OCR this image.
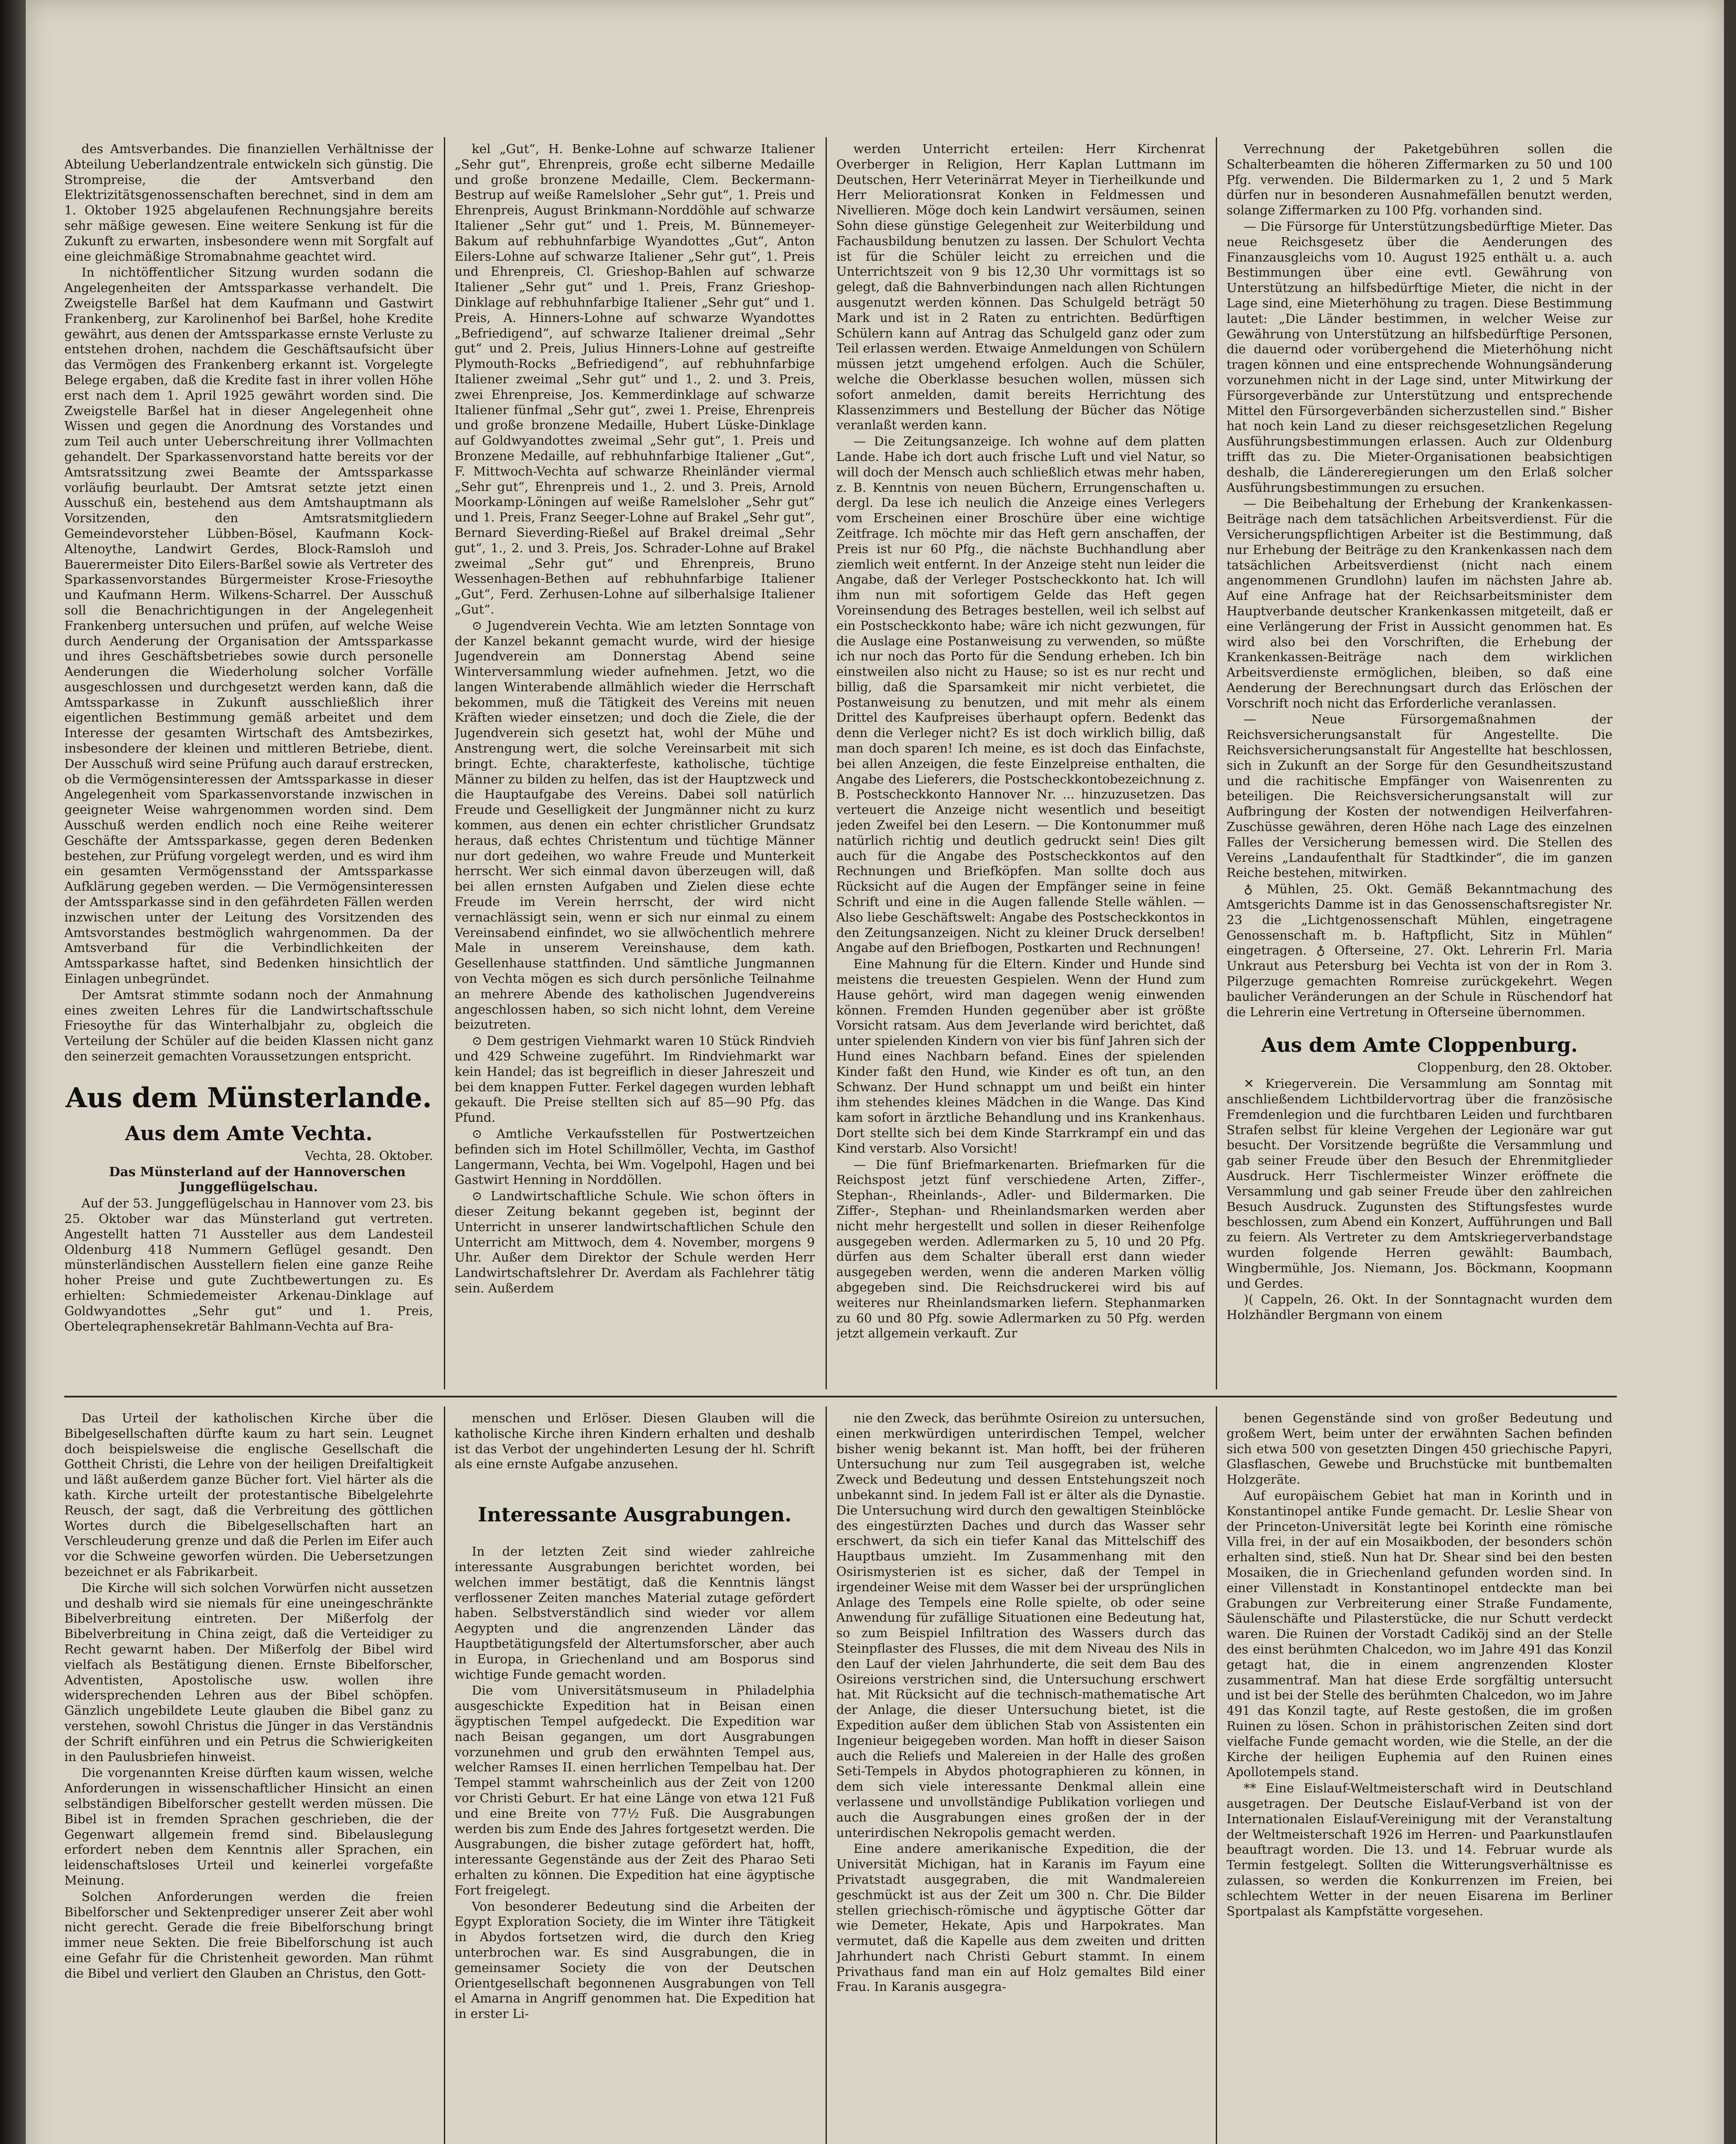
des Amtsverbandes. Die finanziellen Verhältnisse der Abteilung Ueberlandzentrale entwickeln sich günstig. Die Strompreise, die der Amtsverband den Elektrizitätsgenossenschaften berechnet, sind in dem am 1. Oktober 1925 abgelaufenen Rechnungsjahre bereits sehr mäßige gewesen. Eine weitere Senkung ist für die Zukunft zu erwarten, insbesondere wenn mit Sorgfalt auf eine gleichmäßige Stromabnahme geachtet wird.

In nichtöffentlicher Sitzung wurden sodann die Angelegenheiten der Amtssparkasse verhandelt. Die Zweigstelle Barßel hat dem Kaufmann und Gastwirt Frankenberg, zur Karolinenhof bei Barßel, hohe Kredite gewährt, aus denen der Amtssparkasse ernste Verluste zu entstehen drohen, nachdem die Geschäftsaufsicht über das Vermögen des Frankenberg erkannt ist. Vorgelegte Belege ergaben, daß die Kredite fast in ihrer vollen Höhe erst nach dem 1. April 1925 gewährt worden sind. Die Zweigstelle Barßel hat in dieser Angelegenheit ohne Wissen und gegen die Anordnung des Vorstandes und zum Teil auch unter Ueberschreitung ihrer Vollmachten gehandelt. Der Sparkassenvorstand hatte bereits vor der Amtsratssitzung zwei Beamte der Amtssparkasse vorläufig beurlaubt. Der Amtsrat setzte jetzt einen Ausschuß ein, bestehend aus dem Amtshauptmann als Vorsitzenden, den Amtsratsmitgliedern Gemeindevorsteher Lübben-Bösel, Kaufmann Kock-Altenoythe, Landwirt Gerdes, Block-Ramsloh und Bauerermeister Dito Eilers-Barßel sowie als Vertreter des Sparkassenvorstandes Bürgermeister Krose-Friesoythe und Kaufmann Herm. Wilkens-Scharrel. Der Ausschuß soll die Benachrichtigungen in der Angelegenheit Frankenberg untersuchen und prüfen, auf welche Weise durch Aenderung der Organisation der Amtssparkasse und ihres Geschäftsbetriebes sowie durch personelle Aenderungen die Wiederholung solcher Vorfälle ausgeschlossen und durchgesetzt werden kann, daß die Amtssparkasse in Zukunft ausschließlich ihrer eigentlichen Bestimmung gemäß arbeitet und dem Interesse der gesamten Wirtschaft des Amtsbezirkes, insbesondere der kleinen und mittleren Betriebe, dient. Der Ausschuß wird seine Prüfung auch darauf erstrecken, ob die Vermögensinteressen der Amtssparkasse in dieser Angelegenheit vom Sparkassenvorstande inzwischen in geeigneter Weise wahrgenommen worden sind. Dem Ausschuß werden endlich noch eine Reihe weiterer Geschäfte der Amtssparkasse, gegen deren Bedenken bestehen, zur Prüfung vorgelegt werden, und es wird ihm ein gesamten Vermögensstand der Amtssparkasse Aufklärung gegeben werden. — Die Vermögensinteressen der Amtssparkasse sind in den gefährdeten Fällen werden inzwischen unter der Leitung des Vorsitzenden des Amtsvorstandes bestmöglich wahrgenommen. Da der Amtsverband für die Verbindlichkeiten der Amtssparkasse haftet, sind Bedenken hinsichtlich der Einlagen unbegründet.

Der Amtsrat stimmte sodann noch der Anmahnung eines zweiten Lehres für die Landwirtschaftsschule Friesoythe für das Winterhalbjahr zu, obgleich die Verteilung der Schüler auf die beiden Klassen nicht ganz den seinerzeit gemachten Voraussetzungen entspricht.

Aus dem Münsterlande.
Aus dem Amte Vechta.

Vechta, 28. Oktober.

Das Münsterland auf der Hannoverschen Junggeflügelschau.

Auf der 53. Junggeflügelschau in Hannover vom 23. bis 25. Oktober war das Münsterland gut vertreten. Angestellt hatten 71 Aussteller aus dem Landesteil Oldenburg 418 Nummern Geflügel gesandt. Den münsterländischen Ausstellern fielen eine ganze Reihe hoher Preise und gute Zuchtbewertungen zu. Es erhielten: Schmiedemeister Arkenau-Dinklage auf Goldwyandottes „Sehr gut“ und 1. Preis, Oberteleqraphensekretär Bahlmann-Vechta auf Bra-

kel „Gut“, H. Benke-Lohne auf schwarze Italiener „Sehr gut“, Ehrenpreis, große echt silberne Medaille und große bronzene Medaille, Clem. Beckermann-Bestrup auf weiße Ramelsloher „Sehr gut“, 1. Preis und Ehrenpreis, August Brinkmann-Norddöhle auf schwarze Italiener „Sehr gut“ und 1. Preis, M. Bünnemeyer-Bakum auf rebhuhnfarbige Wyandottes „Gut“, Anton Eilers-Lohne auf schwarze Italiener „Sehr gut“, 1. Preis und Ehrenpreis, Cl. Grieshop-Bahlen auf schwarze Italiener „Sehr gut“ und 1. Preis, Franz Grieshop-Dinklage auf rebhuhnfarbige Italiener „Sehr gut“ und 1. Preis, A. Hinners-Lohne auf schwarze Wyandottes „Befriedigend“, auf schwarze Italiener dreimal „Sehr gut“ und 2. Preis, Julius Hinners-Lohne auf gestreifte Plymouth-Rocks „Befriedigend“, auf rebhuhnfarbige Italiener zweimal „Sehr gut“ und 1., 2. und 3. Preis, zwei Ehrenpreise, Jos. Kemmerdinklage auf schwarze Italiener fünfmal „Sehr gut“, zwei 1. Preise, Ehrenpreis und große bronzene Medaille, Hubert Lüske-Dinklage auf Goldwyandottes zweimal „Sehr gut“, 1. Preis und Bronzene Medaille, auf rebhuhnfarbige Italiener „Gut“, F. Mittwoch-Vechta auf schwarze Rheinländer viermal „Sehr gut“, Ehrenpreis und 1., 2. und 3. Preis, Arnold Moorkamp-Löningen auf weiße Ramelsloher „Sehr gut“ und 1. Preis, Franz Seeger-Lohne auf Brakel „Sehr gut“, Bernard Sieverding-Rießel auf Brakel dreimal „Sehr gut“, 1., 2. und 3. Preis, Jos. Schrader-Lohne auf Brakel zweimal „Sehr gut“ und Ehrenpreis, Bruno Wessenhagen-Bethen auf rebhuhnfarbige Italiener „Gut“, Ferd. Zerhusen-Lohne auf silberhalsige Italiener „Gut“.

⊙ Jugendverein Vechta. Wie am letzten Sonntage von der Kanzel bekannt gemacht wurde, wird der hiesige Jugendverein am Donnerstag Abend seine Winterversammlung wieder aufnehmen. Jetzt, wo die langen Winterabende allmählich wieder die Herrschaft bekommen, muß die Tätigkeit des Vereins mit neuen Kräften wieder einsetzen; und doch die Ziele, die der Jugendverein sich gesetzt hat, wohl der Mühe und Anstrengung wert, die solche Vereinsarbeit mit sich bringt. Echte, charakterfeste, katholische, tüchtige Männer zu bilden zu helfen, das ist der Hauptzweck und die Hauptaufgabe des Vereins. Dabei soll natürlich Freude und Geselligkeit der Jungmänner nicht zu kurz kommen, aus denen ein echter christlicher Grundsatz heraus, daß echtes Christentum und tüchtige Männer nur dort gedeihen, wo wahre Freude und Munterkeit herrscht. Wer sich einmal davon überzeugen will, daß bei allen ernsten Aufgaben und Zielen diese echte Freude im Verein herrscht, der wird nicht vernachlässigt sein, wenn er sich nur einmal zu einem Vereinsabend einfindet, wo sie allwöchentlich mehrere Male in unserem Vereinshause, dem kath. Gesellenhause stattfinden. Und sämtliche Jungmannen von Vechta mögen es sich durch persönliche Teilnahme an mehrere Abende des katholischen Jugendvereins angeschlossen haben, so sich nicht lohnt, dem Vereine beizutreten.

⊙ Dem gestrigen Viehmarkt waren 10 Stück Rindvieh und 429 Schweine zugeführt. Im Rindviehmarkt war kein Handel; das ist begreiflich in dieser Jahreszeit und bei dem knappen Futter. Ferkel dagegen wurden lebhaft gekauft. Die Preise stellten sich auf 85—90 Pfg. das Pfund.

⊙ Amtliche Verkaufsstellen für Postwertzeichen befinden sich im Hotel Schillmöller, Vechta, im Gasthof Langermann, Vechta, bei Wm. Vogelpohl, Hagen und bei Gastwirt Henning in Norddöllen.

⊙ Landwirtschaftliche Schule. Wie schon öfters in dieser Zeitung bekannt gegeben ist, beginnt der Unterricht in unserer landwirtschaftlichen Schule den Unterricht am Mittwoch, dem 4. November, morgens 9 Uhr. Außer dem Direktor der Schule werden Herr Landwirtschaftslehrer Dr. Averdam als Fachlehrer tätig sein. Außerdem

werden Unterricht erteilen: Herr Kirchenrat Overberger in Religion, Herr Kaplan Luttmann im Deutschen, Herr Veterinärrat Meyer in Tierheilkunde und Herr Meliorationsrat Konken in Feldmessen und Nivellieren. Möge doch kein Landwirt versäumen, seinen Sohn diese günstige Gelegenheit zur Weiterbildung und Fachausbildung benutzen zu lassen. Der Schulort Vechta ist für die Schüler leicht zu erreichen und die Unterrichtszeit von 9 bis 12,30 Uhr vormittags ist so gelegt, daß die Bahnverbindungen nach allen Richtungen ausgenutzt werden können. Das Schulgeld beträgt 50 Mark und ist in 2 Raten zu entrichten. Bedürftigen Schülern kann auf Antrag das Schulgeld ganz oder zum Teil erlassen werden. Etwaige Anmeldungen von Schülern müssen jetzt umgehend erfolgen. Auch die Schüler, welche die Oberklasse besuchen wollen, müssen sich sofort anmelden, damit bereits Herrichtung des Klassenzimmers und Bestellung der Bücher das Nötige veranlaßt werden kann.

— Die Zeitungsanzeige. Ich wohne auf dem platten Lande. Habe ich dort auch frische Luft und viel Natur, so will doch der Mensch auch schließlich etwas mehr haben, z. B. Kenntnis von neuen Büchern, Errungenschaften u. dergl. Da lese ich neulich die Anzeige eines Verlegers vom Erscheinen einer Broschüre über eine wichtige Zeitfrage. Ich möchte mir das Heft gern anschaffen, der Preis ist nur 60 Pfg., die nächste Buchhandlung aber ziemlich weit entfernt. In der Anzeige steht nun leider die Angabe, daß der Verleger Postscheckkonto hat. Ich will ihm nun mit sofortigem Gelde das Heft gegen Voreinsendung des Betrages bestellen, weil ich selbst auf ein Postscheckkonto habe; wäre ich nicht gezwungen, für die Auslage eine Postanweisung zu verwenden, so müßte ich nur noch das Porto für die Sendung erheben. Ich bin einstweilen also nicht zu Hause; so ist es nur recht und billig, daß die Sparsamkeit mir nicht verbietet, die Postanweisung zu benutzen, und mit mehr als einem Drittel des Kaufpreises überhaupt opfern. Bedenkt das denn die Verleger nicht? Es ist doch wirklich billig, daß man doch sparen! Ich meine, es ist doch das Einfachste, bei allen Anzeigen, die feste Einzelpreise enthalten, die Angabe des Lieferers, die Postscheckkontobezeichnung z. B. Postscheckkonto Hannover Nr. ... hinzuzusetzen. Das verteuert die Anzeige nicht wesentlich und beseitigt jeden Zweifel bei den Lesern. — Die Kontonummer muß natürlich richtig und deutlich gedruckt sein! Dies gilt auch für die Angabe des Postscheckkontos auf den Rechnungen und Briefköpfen. Man sollte doch aus Rücksicht auf die Augen der Empfänger seine in feine Schrift und eine in die Augen fallende Stelle wählen. — Also liebe Geschäftswelt: Angabe des Postscheckkontos in den Zeitungsanzeigen. Nicht zu kleiner Druck derselben! Angabe auf den Briefbogen, Postkarten und Rechnungen!

Eine Mahnung für die Eltern. Kinder und Hunde sind meistens die treuesten Gespielen. Wenn der Hund zum Hause gehört, wird man dagegen wenig einwenden können. Fremden Hunden gegenüber aber ist größte Vorsicht ratsam. Aus dem Jeverlande wird berichtet, daß unter spielenden Kindern von vier bis fünf Jahren sich der Hund eines Nachbarn befand. Eines der spielenden Kinder faßt den Hund, wie Kinder es oft tun, an den Schwanz. Der Hund schnappt um und beißt ein hinter ihm stehendes kleines Mädchen in die Wange. Das Kind kam sofort in ärztliche Behandlung und ins Krankenhaus. Dort stellte sich bei dem Kinde Starrkrampf ein und das Kind verstarb. Also Vorsicht!

— Die fünf Briefmarkenarten. Briefmarken für die Reichspost jetzt fünf verschiedene Arten, Ziffer-, Stephan-, Rheinlands-, Adler- und Bildermarken. Die Ziffer-, Stephan- und Rheinlandsmarken werden aber nicht mehr hergestellt und sollen in dieser Reihenfolge ausgegeben werden. Adlermarken zu 5, 10 und 20 Pfg. dürfen aus dem Schalter überall erst dann wieder ausgegeben werden, wenn die anderen Marken völlig abgegeben sind. Die Reichsdruckerei wird bis auf weiteres nur Rheinlandsmarken liefern. Stephanmarken zu 60 und 80 Pfg. sowie Adlermarken zu 50 Pfg. werden jetzt allgemein verkauft. Zur

Verrechnung der Paketgebühren sollen die Schalterbeamten die höheren Ziffermarken zu 50 und 100 Pfg. verwenden. Die Bildermarken zu 1, 2 und 5 Mark dürfen nur in besonderen Ausnahmefällen benutzt werden, solange Ziffermarken zu 100 Pfg. vorhanden sind.

— Die Fürsorge für Unterstützungsbedürftige Mieter. Das neue Reichsgesetz über die Aenderungen des Finanzausgleichs vom 10. August 1925 enthält u. a. auch Bestimmungen über eine evtl. Gewährung von Unterstützung an hilfsbedürftige Mieter, die nicht in der Lage sind, eine Mieterhöhung zu tragen. Diese Bestimmung lautet: „Die Länder bestimmen, in welcher Weise zur Gewährung von Unterstützung an hilfsbedürftige Personen, die dauernd oder vorübergehend die Mieterhöhung nicht tragen können und eine entsprechende Wohnungsänderung vorzunehmen nicht in der Lage sind, unter Mitwirkung der Fürsorgeverbände zur Unterstützung und entsprechende Mittel den Fürsorgeverbänden sicherzustellen sind.“ Bisher hat noch kein Land zu dieser reichsgesetzlichen Regelung Ausführungsbestimmungen erlassen. Auch zur Oldenburg trifft das zu. Die Mieter-Organisationen beabsichtigen deshalb, die Ländereregierungen um den Erlaß solcher Ausführungsbestimmungen zu ersuchen.

— Die Beibehaltung der Erhebung der Krankenkassen-Beiträge nach dem tatsächlichen Arbeitsverdienst. Für die Versicherungspflichtigen Arbeiter ist die Bestimmung, daß nur Erhebung der Beiträge zu den Krankenkassen nach dem tatsächlichen Arbeitsverdienst (nicht nach einem angenommenen Grundlohn) laufen im nächsten Jahre ab. Auf eine Anfrage hat der Reichsarbeitsminister dem Hauptverbande deutscher Krankenkassen mitgeteilt, daß er eine Verlängerung der Frist in Aussicht genommen hat. Es wird also bei den Vorschriften, die Erhebung der Krankenkassen-Beiträge nach dem wirklichen Arbeitsverdienste ermöglichen, bleiben, so daß eine Aenderung der Berechnungsart durch das Erlöschen der Vorschrift noch nicht das Erforderliche veranlassen.

— Neue Fürsorgemaßnahmen der Reichsversicherungsanstalt für Angestellte. Die Reichsversicherungsanstalt für Angestellte hat beschlossen, sich in Zukunft an der Sorge für den Gesundheitszustand und die rachitische Empfänger von Waisenrenten zu beteiligen. Die Reichsversicherungsanstalt will zur Aufbringung der Kosten der notwendigen Heilverfahren-Zuschüsse gewähren, deren Höhe nach Lage des einzelnen Falles der Versicherung bemessen wird. Die Stellen des Vereins „Landaufenthalt für Stadtkinder“, die im ganzen Reiche bestehen, mitwirken.

♁ Mühlen, 25. Okt. Gemäß Bekanntmachung des Amtsgerichts Damme ist in das Genossenschaftsregister Nr. 23 die „Lichtgenossenschaft Mühlen, eingetragene Genossenschaft m. b. Haftpflicht, Sitz in Mühlen“ eingetragen. ♁ Ofterseine, 27. Okt. Lehrerin Frl. Maria Unkraut aus Petersburg bei Vechta ist von der in Rom 3. Pilgerzuge gemachten Romreise zurückgekehrt. Wegen baulicher Veränderungen an der Schule in Rüschendorf hat die Lehrerin eine Vertretung in Ofterseine übernommen.

Aus dem Amte Cloppenburg.

Cloppenburg, den 28. Oktober.

✕ Kriegerverein. Die Versammlung am Sonntag mit anschließendem Lichtbildervortrag über die französische Fremdenlegion und die furchtbaren Leiden und furchtbaren Strafen selbst für kleine Vergehen der Legionäre war gut besucht. Der Vorsitzende begrüßte die Versammlung und gab seiner Freude über den Besuch der Ehrenmitglieder Ausdruck. Herr Tischlermeister Winzer eröffnete die Versammlung und gab seiner Freude über den zahlreichen Besuch Ausdruck. Zugunsten des Stiftungsfestes wurde beschlossen, zum Abend ein Konzert, Aufführungen und Ball zu feiern. Als Vertreter zu dem Amtskriegerverbandstage wurden folgende Herren gewählt: Baumbach, Wingbermühle, Jos. Niemann, Jos. Böckmann, Koopmann und Gerdes.

)( Cappeln, 26. Okt. In der Sonntagnacht wurden dem Holzhändler Bergmann von einem

Das Urteil der katholischen Kirche über die Bibelgesellschaften dürfte kaum zu hart sein. Leugnet doch beispielsweise die englische Gesellschaft die Gottheit Christi, die Lehre von der heiligen Dreifaltigkeit und läßt außerdem ganze Bücher fort. Viel härter als die kath. Kirche urteilt der protestantische Bibelgelehrte Reusch, der sagt, daß die Verbreitung des göttlichen Wortes durch die Bibelgesellschaften hart an Verschleuderung grenze und daß die Perlen im Eifer auch vor die Schweine geworfen würden. Die Uebersetzungen bezeichnet er als Fabrikarbeit.

Die Kirche will sich solchen Vorwürfen nicht aussetzen und deshalb wird sie niemals für eine uneingeschränkte Bibelverbreitung eintreten. Der Mißerfolg der Bibelverbreitung in China zeigt, daß die Verteidiger zu Recht gewarnt haben. Der Mißerfolg der Bibel wird vielfach als Bestätigung dienen. Ernste Bibelforscher, Adventisten, Apostolische usw. wollen ihre widersprechenden Lehren aus der Bibel schöpfen. Gänzlich ungebildete Leute glauben die Bibel ganz zu verstehen, sowohl Christus die Jünger in das Verständnis der Schrift einführen und ein Petrus die Schwierigkeiten in den Paulusbriefen hinweist.

Die vorgenannten Kreise dürften kaum wissen, welche Anforderungen in wissenschaftlicher Hinsicht an einen selbständigen Bibelforscher gestellt werden müssen. Die Bibel ist in fremden Sprachen geschrieben, die der Gegenwart allgemein fremd sind. Bibelauslegung erfordert neben dem Kenntnis aller Sprachen, ein leidenschaftsloses Urteil und keinerlei vorgefaßte Meinung.

Solchen Anforderungen werden die freien Bibelforscher und Sektenprediger unserer Zeit aber wohl nicht gerecht. Gerade die freie Bibelforschung bringt immer neue Sekten. Die freie Bibelforschung ist auch eine Gefahr für die Christenheit geworden. Man rühmt die Bibel und verliert den Glauben an Christus, den Gott-

menschen und Erlöser. Diesen Glauben will die katholische Kirche ihren Kindern erhalten und deshalb ist das Verbot der ungehinderten Lesung der hl. Schrift als eine ernste Aufgabe anzusehen.

Interessante Ausgrabungen.

In der letzten Zeit sind wieder zahlreiche interessante Ausgrabungen berichtet worden, bei welchen immer bestätigt, daß die Kenntnis längst verflossener Zeiten manches Material zutage gefördert haben. Selbstverständlich sind wieder vor allem Aegypten und die angrenzenden Länder das Hauptbetätigungsfeld der Altertumsforscher, aber auch in Europa, in Griechenland und am Bosporus sind wichtige Funde gemacht worden.

Die vom Universitätsmuseum in Philadelphia ausgeschickte Expedition hat in Beisan einen ägyptischen Tempel aufgedeckt. Die Expedition war nach Beisan gegangen, um dort Ausgrabungen vorzunehmen und grub den erwähnten Tempel aus, welcher Ramses II. einen herrlichen Tempelbau hat. Der Tempel stammt wahrscheinlich aus der Zeit von 1200 vor Christi Geburt. Er hat eine Länge von etwa 121 Fuß und eine Breite von 77½ Fuß. Die Ausgrabungen werden bis zum Ende des Jahres fortgesetzt werden. Die Ausgrabungen, die bisher zutage gefördert hat, hofft, interessante Gegenstände aus der Zeit des Pharao Seti erhalten zu können. Die Expedition hat eine ägyptische Fort freigelegt.

Von besonderer Bedeutung sind die Arbeiten der Egypt Exploration Society, die im Winter ihre Tätigkeit in Abydos fortsetzen wird, die durch den Krieg unterbrochen war. Es sind Ausgrabungen, die in gemeinsamer Society die von der Deutschen Orientgesellschaft begonnenen Ausgrabungen von Tell el Amarna in Angriff genommen hat. Die Expedition hat in erster Li-

nie den Zweck, das berühmte Osireion zu untersuchen, einen merkwürdigen unterirdischen Tempel, welcher bisher wenig bekannt ist. Man hofft, bei der früheren Untersuchung nur zum Teil ausgegraben ist, welche Zweck und Bedeutung und dessen Entstehungszeit noch unbekannt sind. In jedem Fall ist er älter als die Dynastie. Die Untersuchung wird durch den gewaltigen Steinblöcke des eingestürzten Daches und durch das Wasser sehr erschwert, da sich ein tiefer Kanal das Mittelschiff des Hauptbaus umzieht. Im Zusammenhang mit den Osirismysterien ist es sicher, daß der Tempel in irgendeiner Weise mit dem Wasser bei der ursprünglichen Anlage des Tempels eine Rolle spielte, ob oder seine Anwendung für zufällige Situationen eine Bedeutung hat, so zum Beispiel Infiltration des Wassers durch das Steinpflaster des Flusses, die mit dem Niveau des Nils in den Lauf der vielen Jahrhunderte, die seit dem Bau des Osireions verstrichen sind, die Untersuchung erschwert hat. Mit Rücksicht auf die technisch-mathematische Art der Anlage, die dieser Untersuchung bietet, ist die Expedition außer dem üblichen Stab von Assistenten ein Ingenieur beigegeben worden. Man hofft in dieser Saison auch die Reliefs und Malereien in der Halle des großen Seti-Tempels in Abydos photographieren zu können, in dem sich viele interessante Denkmal allein eine verlassene und unvollständige Publikation vorliegen und auch die Ausgrabungen eines großen der in der unterirdischen Nekropolis gemacht werden.

Eine andere amerikanische Expedition, die der Universität Michigan, hat in Karanis im Fayum eine Privatstadt ausgegraben, die mit Wandmalereien geschmückt ist aus der Zeit um 300 n. Chr. Die Bilder stellen griechisch-römische und ägyptische Götter dar wie Demeter, Hekate, Apis und Harpokrates. Man vermutet, daß die Kapelle aus dem zweiten und dritten Jahrhundert nach Christi Geburt stammt. In einem Privathaus fand man ein auf Holz gemaltes Bild einer Frau. In Karanis ausgegra-

benen Gegenstände sind von großer Bedeutung und großem Wert, beim unter der erwähnten Sachen befinden sich etwa 500 von gesetzten Dingen 450 griechische Papyri, Glasflaschen, Gewebe und Bruchstücke mit buntbemalten Holzgeräte.

Auf europäischem Gebiet hat man in Korinth und in Konstantinopel antike Funde gemacht. Dr. Leslie Shear von der Princeton-Universität legte bei Korinth eine römische Villa frei, in der auf ein Mosaikboden, der besonders schön erhalten sind, stieß. Nun hat Dr. Shear sind bei den besten Mosaiken, die in Griechenland gefunden worden sind. In einer Villenstadt in Konstantinopel entdeckte man bei Grabungen zur Verbreiterung einer Straße Fundamente, Säulenschäfte und Pilasterstücke, die nur Schutt verdeckt waren. Die Ruinen der Vorstadt Cadiköj sind an der Stelle des einst berühmten Chalcedon, wo im Jahre 491 das Konzil getagt hat, die in einem angrenzenden Kloster zusammentraf. Man hat diese Erde sorgfältig untersucht und ist bei der Stelle des berühmten Chalcedon, wo im Jahre 491 das Konzil tagte, auf Reste gestoßen, die im großen Ruinen zu lösen. Schon in prähistorischen Zeiten sind dort vielfache Funde gemacht worden, wie die Stelle, an der die Kirche der heiligen Euphemia auf den Ruinen eines Apollotempels stand.

** Eine Eislauf-Weltmeisterschaft wird in Deutschland ausgetragen. Der Deutsche Eislauf-Verband ist von der Internationalen Eislauf-Vereinigung mit der Veranstaltung der Weltmeisterschaft 1926 im Herren- und Paarkunstlaufen beauftragt worden. Die 13. und 14. Februar wurde als Termin festgelegt. Sollten die Witterungsverhältnisse es zulassen, so werden die Konkurrenzen im Freien, bei schlechtem Wetter in der neuen Eisarena im Berliner Sportpalast als Kampfstätte vorgesehen.
